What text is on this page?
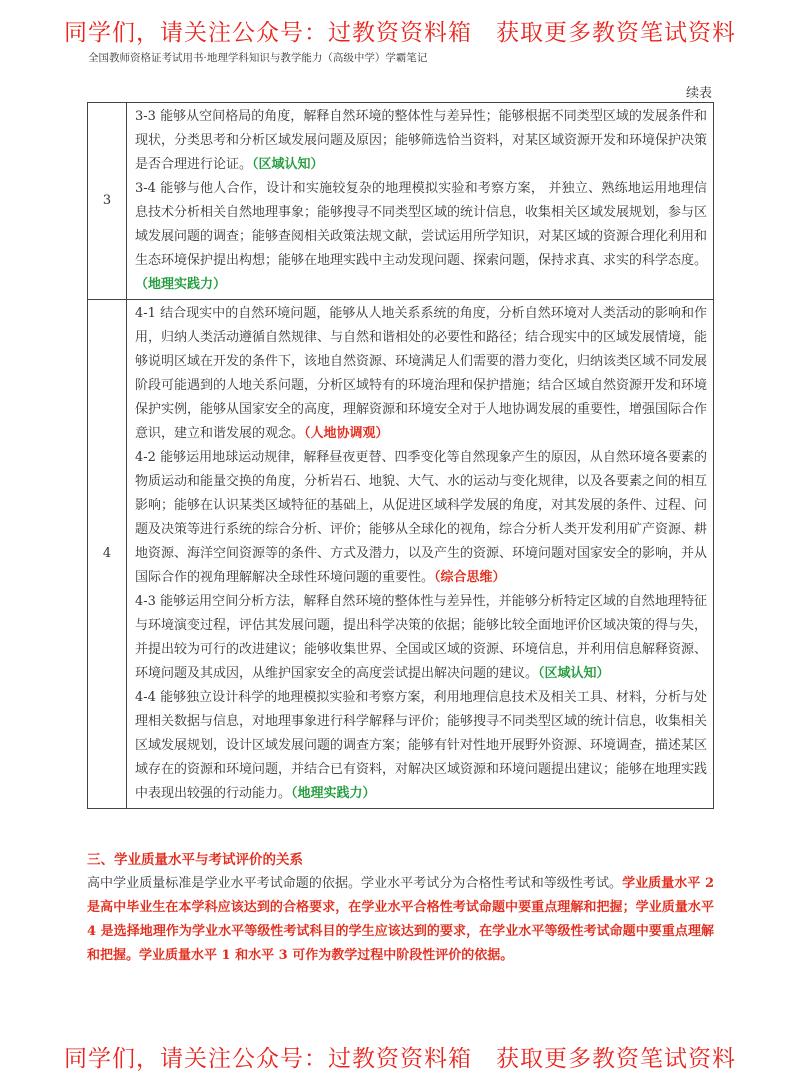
同学们，请关注公众号：过教资资料箱　获取更多教资笔试资料
全国教师资格证考试用书·地理学科知识与教学能力（高级中学）学霸笔记
续表
3	3-3 能够从空间格局的角度，解释自然环境的整体性与差异性；能够根据不同类型区域的发展条件和现状，分类思考和分析区域发展问题及原因；能够筛选恰当资料，对某区域资源开发和环境保护决策是否合理进行论证。（区域认知）
3-4 能够与他人合作，设计和实施较复杂的地理模拟实验和考察方案， 并独立、熟练地运用地理信息技术分析相关自然地理事象；能够搜寻不同类型区域的统计信息，收集相关区域发展规划，参与区域发展问题的调查；能够查阅相关政策法规文献，尝试运用所学知识，对某区域的资源合理化利用和生态环境保护提出构想；能够在地理实践中主动发现问题、探索问题，保持求真、求实的科学态度。（地理实践力）

4	4-1 结合现实中的自然环境问题，能够从人地关系系统的角度，分析自然环境对人类活动的影响和作用，归纳人类活动遵循自然规律、与自然和谐相处的必要性和路径；结合现实中的区域发展情境，能够说明区域在开发的条件下，该地自然资源、环境满足人们需要的潜力变化，归纳该类区域不同发展阶段可能遇到的人地关系问题，分析区域特有的环境治理和保护措施；结合区域自然资源开发和环境保护实例，能够从国家安全的高度，理解资源和环境安全对于人地协调发展的重要性，增强国际合作意识，建立和谐发展的观念。（人地协调观）
4-2 能够运用地球运动规律，解释昼夜更替、四季变化等自然现象产生的原因，从自然环境各要素的物质运动和能量交换的角度，分析岩石、地貌、大气、水的运动与变化规律，以及各要素之间的相互影响；能够在认识某类区域特征的基础上，从促进区域科学发展的角度，对其发展的条件、过程、问题及决策等进行系统的综合分析、评价；能够从全球化的视角，综合分析人类开发利用矿产资源、耕地资源、海洋空间资源等的条件、方式及潜力，以及产生的资源、环境问题对国家安全的影响，并从国际合作的视角理解解决全球性环境问题的重要性。（综合思维）
4-3 能够运用空间分析方法，解释自然环境的整体性与差异性，并能够分析特定区域的自然地理特征与环境演变过程，评估其发展问题，提出科学决策的依据；能够比较全面地评价区域决策的得与失，并提出较为可行的改进建议；能够收集世界、全国或区域的资源、环境信息，并利用信息解释资源、环境问题及其成因，从维护国家安全的高度尝试提出解决问题的建议。（区域认知）
4-4 能够独立设计科学的地理模拟实验和考察方案，利用地理信息技术及相关工具、材料，分析与处理相关数据与信息，对地理事象进行科学解释与评价；能够搜寻不同类型区域的统计信息，收集相关区域发展规划，设计区域发展问题的调查方案；能够有针对性地开展野外资源、环境调查，描述某区域存在的资源和环境问题，并结合已有资料，对解决区域资源和环境问题提出建议；能够在地理实践中表现出较强的行动能力。（地理实践力）
三、学业质量水平与考试评价的关系

高中学业质量标准是学业水平考试命题的依据。学业水平考试分为合格性考试和等级性考试。学业质量水平 2 是高中毕业生在本学科应该达到的合格要求，在学业水平合格性考试命题中要重点理解和把握；学业质量水平 4 是选择地理作为学业水平等级性考试科目的学生应该达到的要求，在学业水平等级性考试命题中要重点理解和把握。学业质量水平 1 和水平 3 可作为教学过程中阶段性评价的依据。

同学们，请关注公众号：过教资资料箱　获取更多教资笔试资料
